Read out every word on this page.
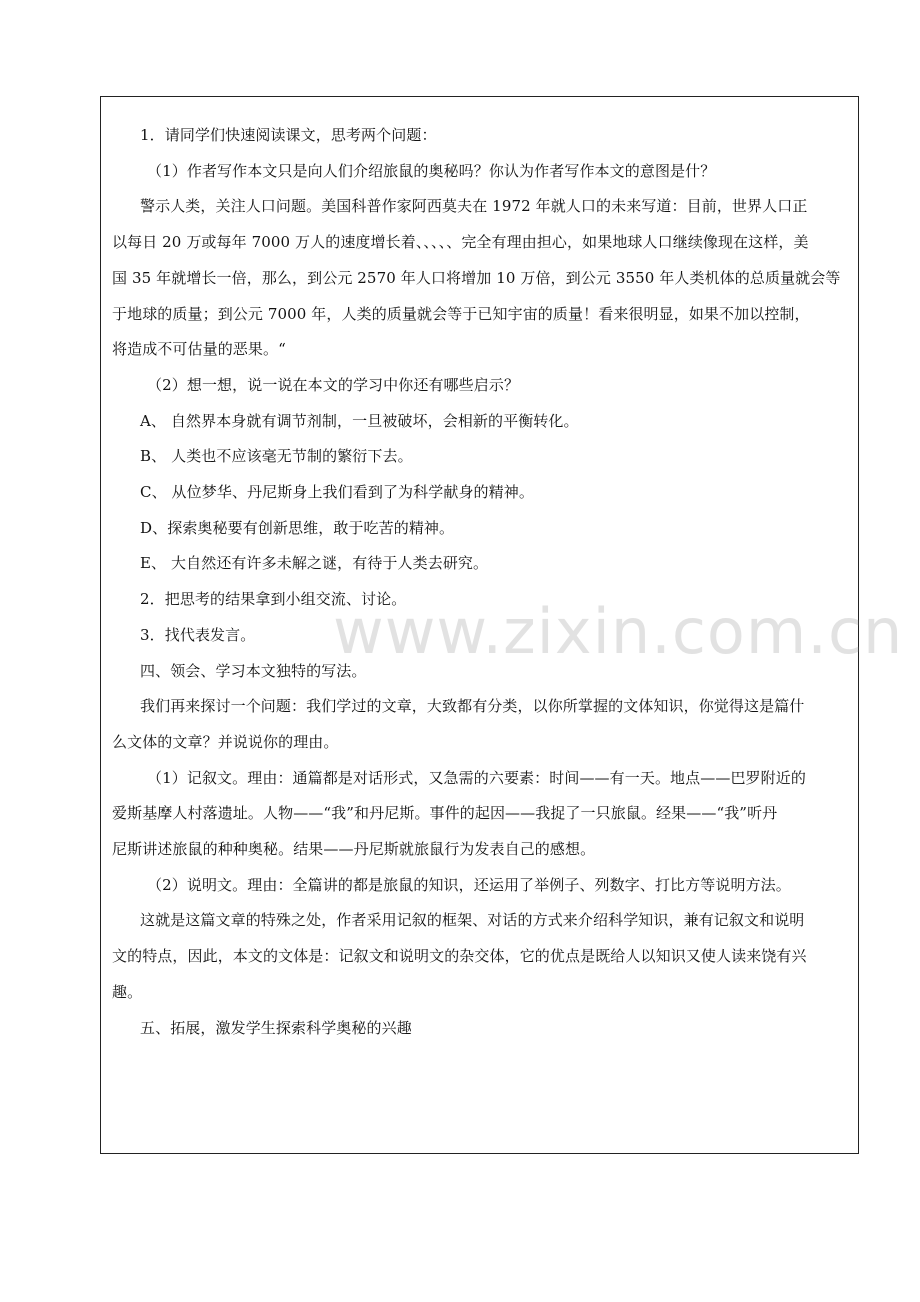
www.zixin.com.cn
1．请同学们快速阅读课文，思考两个问题：
（1）作者写作本文只是向人们介绍旅鼠的奥秘吗？你认为作者写作本文的意图是什？
警示人类，关注人口问题。美国科普作家阿西莫夫在 1972 年就人口的未来写道：目前，世界人口正
以每日 20 万或每年 7000 万人的速度增长着、、、、、完全有理由担心，如果地球人口继续像现在这样，美
国 35 年就增长一倍，那么，到公元 2570 年人口将增加 10 万倍，到公元 3550 年人类机体的总质量就会等
于地球的质量；到公元 7000 年，人类的质量就会等于已知宇宙的质量！看来很明显，如果不加以控制，
将造成不可估量的恶果。“
（2）想一想，说一说在本文的学习中你还有哪些启示？
A、 自然界本身就有调节剂制，一旦被破坏，会相新的平衡转化。
B、 人类也不应该毫无节制的繁衍下去。
C、 从位梦华、丹尼斯身上我们看到了为科学献身的精神。
D、探索奥秘要有创新思维，敢于吃苦的精神。
E、 大自然还有许多未解之谜，有待于人类去研究。
2．把思考的结果拿到小组交流、讨论。
3．找代表发言。
四、领会、学习本文独特的写法。
我们再来探讨一个问题：我们学过的文章，大致都有分类，以你所掌握的文体知识，你觉得这是篇什
么文体的文章？并说说你的理由。
（1）记叙文。理由：通篇都是对话形式，又急需的六要素：时间——有一天。地点——巴罗附近的
爱斯基摩人村落遗址。人物——“我”和丹尼斯。事件的起因——我捉了一只旅鼠。经果——“我”听丹
尼斯讲述旅鼠的种种奥秘。结果——丹尼斯就旅鼠行为发表自己的感想。
（2）说明文。理由：全篇讲的都是旅鼠的知识，还运用了举例子、列数字、打比方等说明方法。
这就是这篇文章的特殊之处，作者采用记叙的框架、对话的方式来介绍科学知识，兼有记叙文和说明
文的特点，因此，本文的文体是：记叙文和说明文的杂交体，它的优点是既给人以知识又使人读来饶有兴
趣。
五、拓展，激发学生探索科学奥秘的兴趣
